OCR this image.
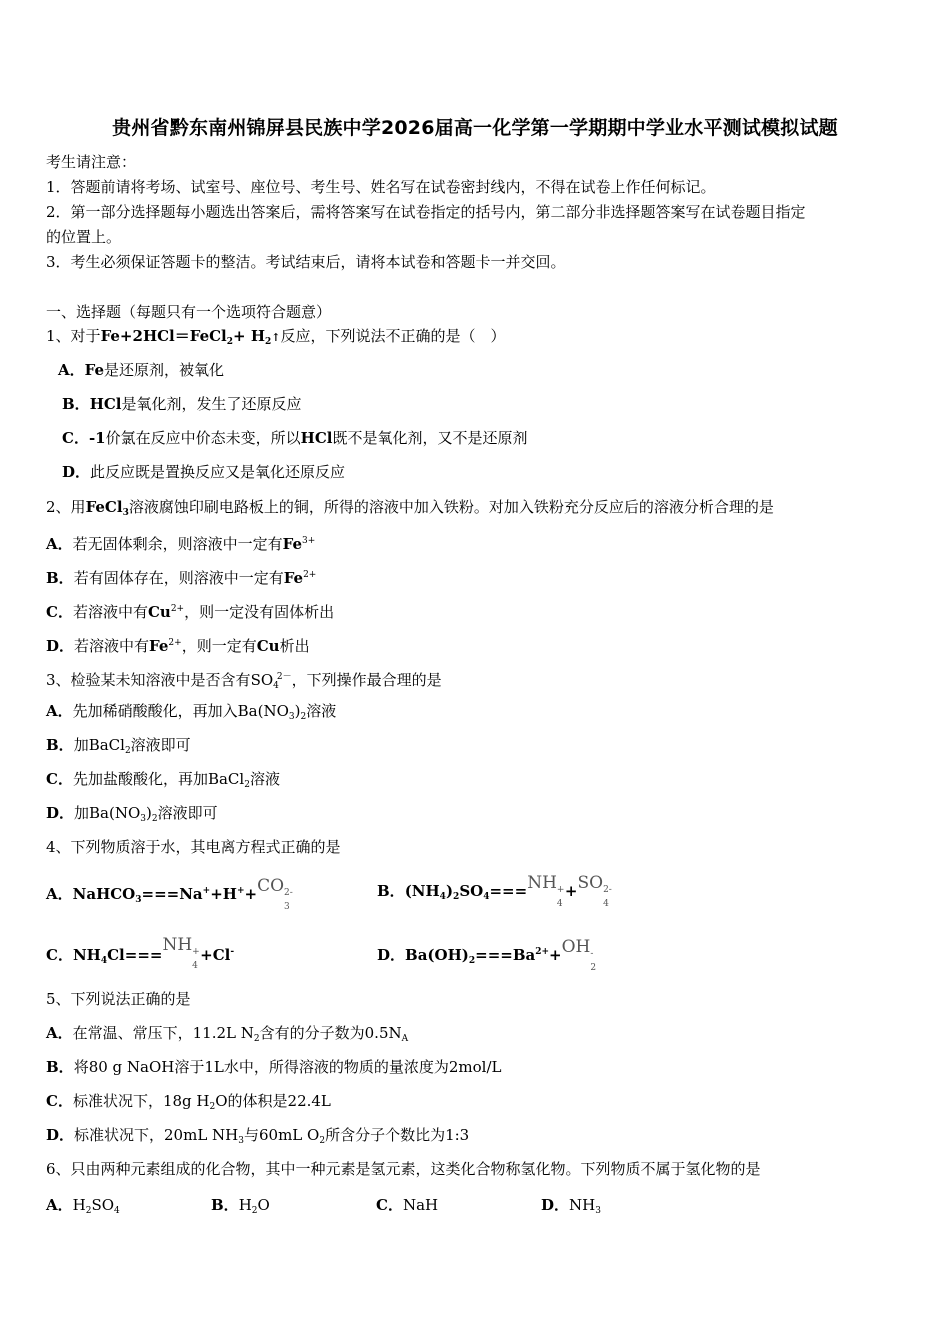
贵州省黔东南州锦屏县民族中学2026届高一化学第一学期期中学业水平测试模拟试题
考生请注意：
1．答题前请将考场、试室号、座位号、考生号、姓名写在试卷密封线内，不得在试卷上作任何标记。
2．第一部分选择题每小题选出答案后，需将答案写在试卷指定的括号内，第二部分非选择题答案写在试卷题目指定
的位置上。
3．考生必须保证答题卡的整洁。考试结束后，请将本试卷和答题卡一并交回。
一、选择题（每题只有一个选项符合题意）
1、对于Fe+2HCl＝FeCl$_2$+ $H_2↑$反应，下列说法不正确的是（　）
A．Fe是还原剂，被氧化
B．HCl是氧化剂，发生了还原反应
C．-1价氯在反应中价态未变，所以HCl既不是氧化剂，又不是还原剂
D．此反应既是置换反应又是氧化还原反应
2、用FeCl$_3$溶液腐蚀印刷电路板上的铜，所得的溶液中加入铁粉。对加入铁粉充分反应后的溶液分析合理的是
A．若无固体剩余，则溶液中一定有$Fe^{3+}$
B．若有固体存在，则溶液中一定有$Fe^{2+}$
C．若溶液中有$Cu^{2+}$，则一定没有固体析出
D．若溶液中有$Fe^{2+}$，则一定有Cu析出
3、检验某未知溶液中是否含有$SO_4^{2-}$，下列操作最合理的是
A．先加稀硝酸酸化，再加入$Ba(NO_3)_2$溶液
B．加BaCl$_2$溶液即可
C．先加盐酸酸化，再加BaCl$_2$溶液
D．加$Ba(NO_3)_2$溶液即可
4、下列物质溶于水，其电离方程式正确的是
A．NaHCO$_3$===Na++H++CO 2-
3
B．$(NH_4)_2SO_4===NH$ +
4
+SO 2-
4
C．$NH_4Cl===NH$ +
4
+Cl-	D．$Ba(OH)_2===Ba^{2+}+OH$ -
2
5、下列说法正确的是
A．在常温、常压下，11.2L $N_2$含有的分子数为$0.5N_A$
B．将80 g NaOH溶于1L水中，所得溶液的物质的量浓度为2mol/L
C．标准状况下，18g $H_2O$的体积是22.4L
D．标准状况下，20mL $NH_3$与60mL $O_2$所含分子个数比为1:3
6、只由两种元素组成的化合物，其中一种元素是氢元素，这类化合物称氢化物。下列物质不属于氢化物的是
A．$H_2SO_4$	B．$H_2O$	C．NaH	D．$NH_3$
